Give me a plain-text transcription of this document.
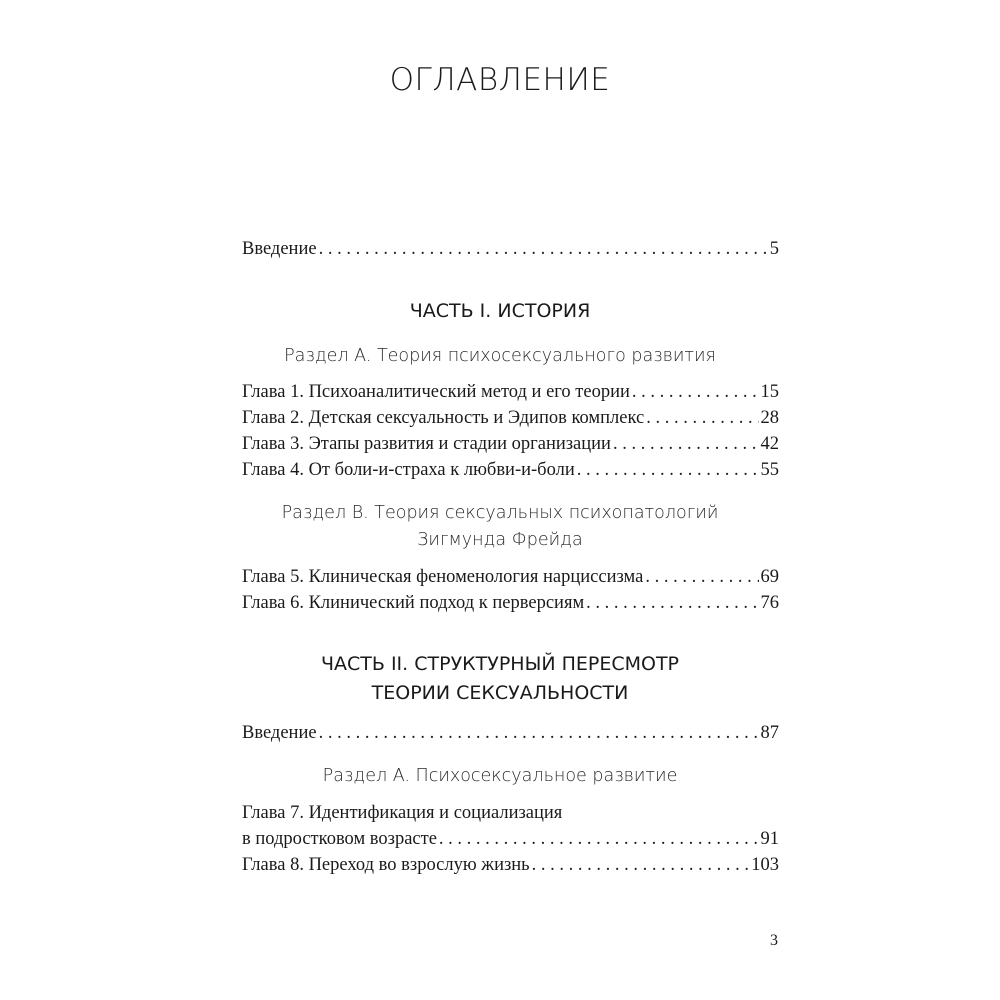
ОГЛАВЛЕНИЕ
Введение . . .	5

ЧАСТЬ I. ИСТОРИЯ

Раздел A. Теория психосексуального развития

Глава 1. Психоаналитический метод и его теории . . .	15
Глава 2. Детская сексуальность и Эдипов комплекс . . .	28
Глава 3. Этапы развития и стадии организации . . .	42
Глава 4. От боли-и-страха к любви-и-боли . . .	55

Раздел B. Теория сексуальных психопатологий

Зигмунда Фрейда

Глава 5. Клиническая феноменология нарциссизма . . .	69
Глава 6. Клинический подход к перверсиям . . .	76

ЧАСТЬ II. СТРУКТУРНЫЙ ПЕРЕСМОТР

ТЕОРИИ СЕКСУАЛЬНОСТИ

Введение . . .	87

Раздел A. Психосексуальное развитие

Глава 7. Идентификация и социализация
в подростковом возрасте . . .	91
Глава 8. Переход во взрослую жизнь . . .	103
3
